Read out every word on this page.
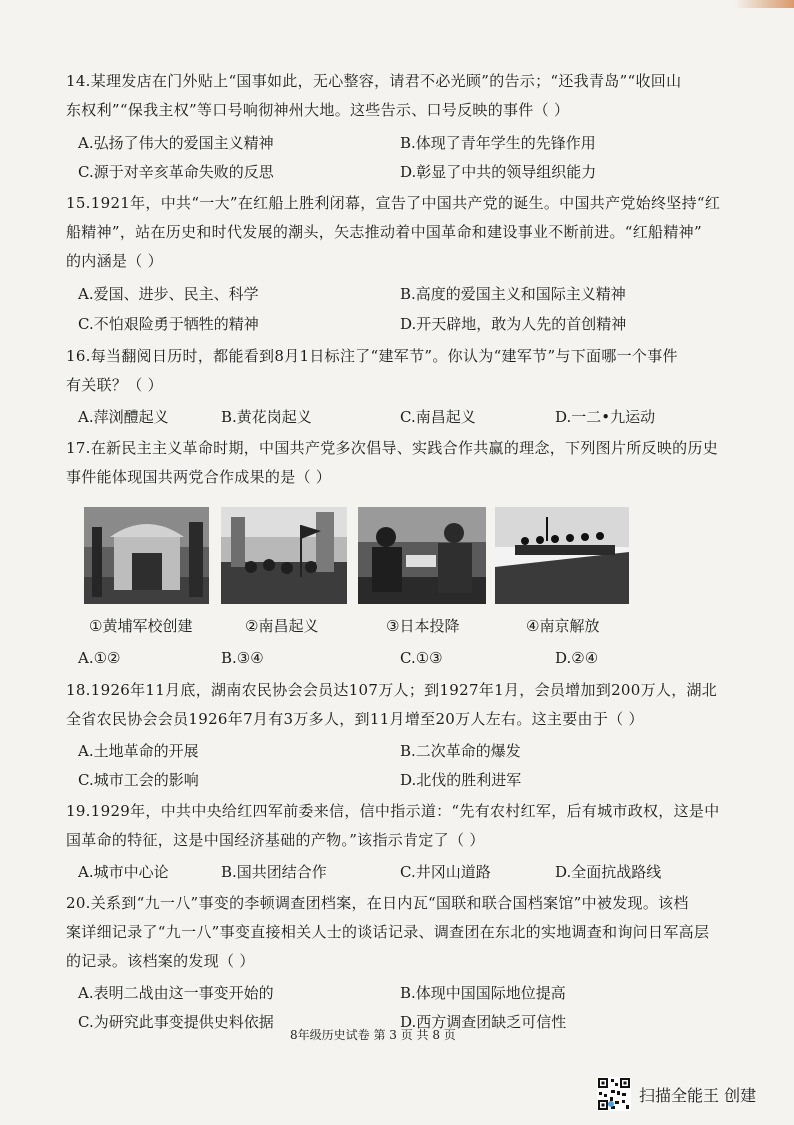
14.某理发店在门外贴上“国事如此，无心整容，请君不必光顾”的告示；“还我青岛”“收回山
东权利”“保我主权”等口号响彻神州大地。这些告示、口号反映的事件（ ）
A.弘扬了伟大的爱国主义精神	B.体现了青年学生的先锋作用
C.源于对辛亥革命失败的反思	D.彰显了中共的领导组织能力
15.1921年，中共“一大”在红船上胜利闭幕，宣告了中国共产党的诞生。中国共产党始终坚持“红
船精神”，站在历史和时代发展的潮头，矢志推动着中国革命和建设事业不断前进。“红船精神”
的内涵是（ ）
A.爱国、进步、民主、科学	B.高度的爱国主义和国际主义精神
C.不怕艰险勇于牺牲的精神	D.开天辟地，敢为人先的首创精神
16.每当翻阅日历时，都能看到8月1日标注了“建军节”。你认为“建军节”与下面哪一个事件
有关联？（ ）
A.萍浏醴起义	B.黄花岗起义	C.南昌起义	D.一二•九运动
17.在新民主主义革命时期，中国共产党多次倡导、实践合作共赢的理念，下列图片所反映的历史
事件能体现国共两党合作成果的是（ ）
①黄埔军校创建	②南昌起义	③日本投降	④南京解放
A.①②	B.③④	C.①③	D.②④
18.1926年11月底，湖南农民协会会员达107万人；到1927年1月，会员增加到200万人，湖北
全省农民协会会员1926年7月有3万多人，到11月增至20万人左右。这主要由于（ ）
A.土地革命的开展	B.二次革命的爆发
C.城市工会的影响	D.北伐的胜利进军
19.1929年，中共中央给红四军前委来信，信中指示道：“先有农村红军，后有城市政权，这是中
国革命的特征，这是中国经济基础的产物。”该指示肯定了（ ）
A.城市中心论	B.国共团结合作	C.井冈山道路	D.全面抗战路线
20.关系到“九一八”事变的李顿调查团档案，在日内瓦“国联和联合国档案馆”中被发现。该档
案详细记录了“九一八”事变直接相关人士的谈话记录、调查团在东北的实地调查和询问日军高层
的记录。该档案的发现（ ）
A.表明二战由这一事变开始的	B.体现中国国际地位提高
C.为研究此事变提供史料依据	D.西方调查团缺乏可信性
8年级历史试卷 第 3 页 共 8 页
扫描全能王 创建
